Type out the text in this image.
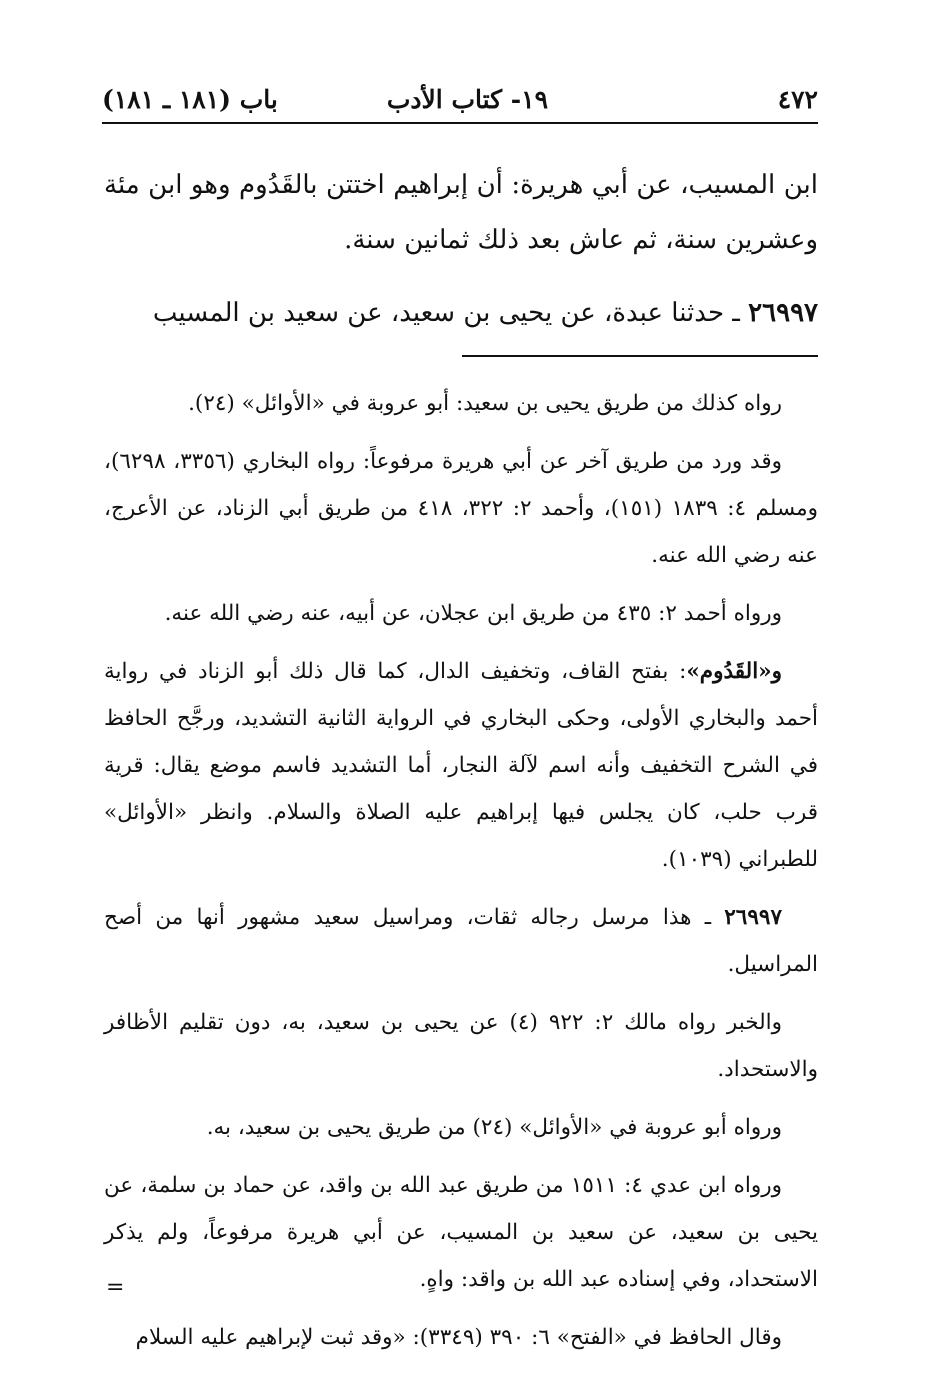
٤٧٢
١٩- كتاب الأدب
باب (١٨١ ـ ١٨١)

ابن المسيب، عن أبي هريرة: أن إبراهيم اختتن بالقَدُوم وهو ابن مئة وعشرين سنة، ثم عاش بعد ذلك ثمانين سنة.

٢٦٩٩٧ ـ حدثنا عبدة، عن يحيى بن سعيد، عن سعيد بن المسيب

رواه كذلك من طريق يحيى بن سعيد: أبو عروبة في «الأوائل» (٢٤).

وقد ورد من طريق آخر عن أبي هريرة مرفوعاً: رواه البخاري (٣٣٥٦، ٦٢٩٨)، ومسلم ٤: ١٨٣٩ (١٥١)، وأحمد ٢: ٣٢٢، ٤١٨ من طريق أبي الزناد، عن الأعرج، عنه رضي الله عنه.

ورواه أحمد ٢: ٤٣٥ من طريق ابن عجلان، عن أبيه، عنه رضي الله عنه.

و«القَدُوم»: بفتح القاف، وتخفيف الدال، كما قال ذلك أبو الزناد في رواية أحمد والبخاري الأولى، وحكى البخاري في الرواية الثانية التشديد، ورجَّح الحافظ في الشرح التخفيف وأنه اسم لآلة النجار، أما التشديد فاسم موضع يقال: قرية قرب حلب، كان يجلس فيها إبراهيم عليه الصلاة والسلام. وانظر «الأوائل» للطبراني (١٠٣٩).

٢٦٩٩٧ ـ هذا مرسل رجاله ثقات، ومراسيل سعيد مشهور أنها من أصح المراسيل.

والخبر رواه مالك ٢: ٩٢٢ (٤) عن يحيى بن سعيد، به، دون تقليم الأظافر والاستحداد.

ورواه أبو عروبة في «الأوائل» (٢٤) من طريق يحيى بن سعيد، به.

ورواه ابن عدي ٤: ١٥١١ من طريق عبد الله بن واقد، عن حماد بن سلمة، عن يحيى بن سعيد، عن سعيد بن المسيب، عن أبي هريرة مرفوعاً، ولم يذكر الاستحداد، وفي إسناده عبد الله بن واقد: واهٍ.

وقال الحافظ في «الفتح» ٦: ٣٩٠ (٣٣٤٩): «وقد ثبت لإبراهيم عليه السلام

=
